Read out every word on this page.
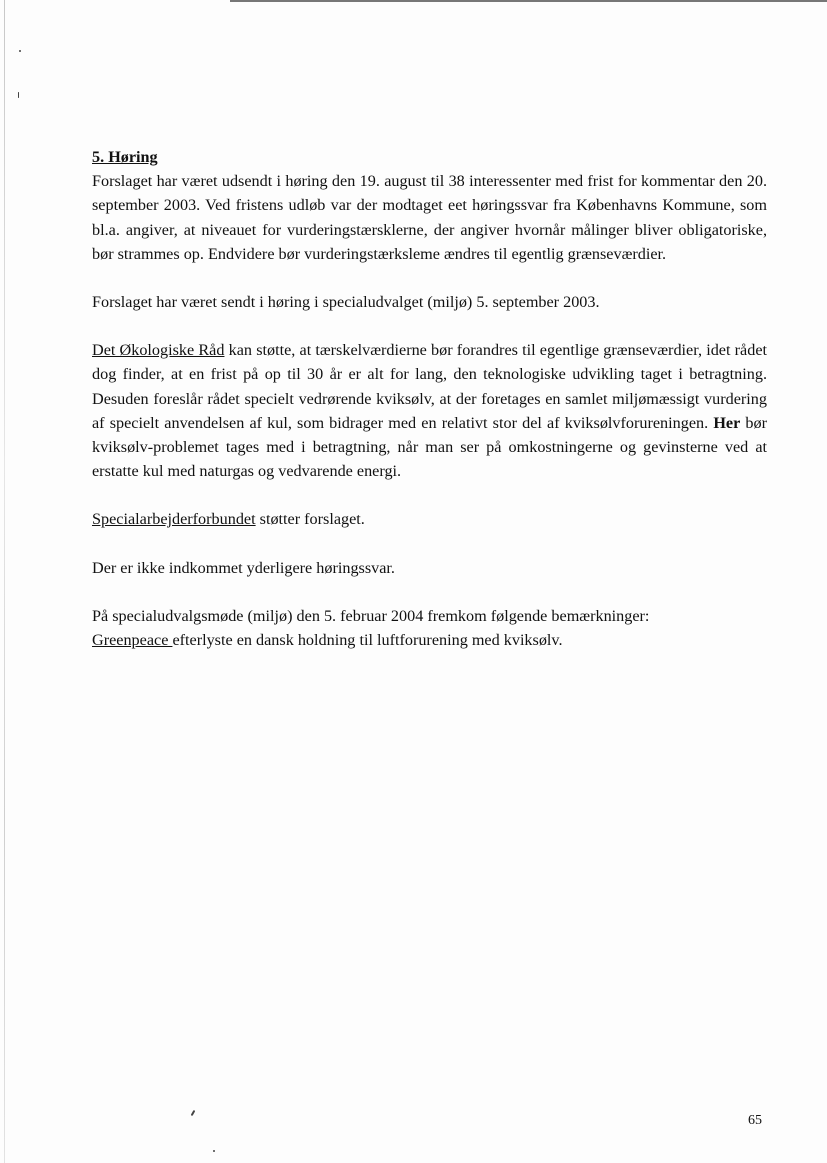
5. Høring

Forslaget har været udsendt i høring den 19. august til 38 interessenter med frist for kommentar den 20. september 2003. Ved fristens udløb var der modtaget eet høringssvar fra Københavns Kommune, som bl.a. angiver, at niveauet for vurderingstærsklerne, der angiver hvornår målinger bliver obligatoriske, bør strammes op. Endvidere bør vurderingstærksleme ændres til egentlig grænseværdier.

Forslaget har været sendt i høring i specialudvalget (miljø) 5. september 2003.

Det Økologiske Råd kan støtte, at tærskelværdierne bør forandres til egentlige grænseværdier, idet rådet dog finder, at en frist på op til 30 år er alt for lang, den teknologiske udvikling taget i betragtning. Desuden foreslår rådet specielt vedrørende kviksølv, at der foretages en samlet miljømæssigt vurdering af specielt anvendelsen af kul, som bidrager med en relativt stor del af kviksølvforureningen. Her bør kviksølv-problemet tages med i betragtning, når man ser på omkostningerne og gevinsterne ved at erstatte kul med naturgas og vedvarende energi.

Specialarbejderforbundet støtter forslaget.

Der er ikke indkommet yderligere høringssvar.

På specialudvalgsmøde (miljø) den 5. februar 2004 fremkom følgende bemærkninger:

Greenpeace efterlyste en dansk holdning til luftforurening med kviksølv.

65
